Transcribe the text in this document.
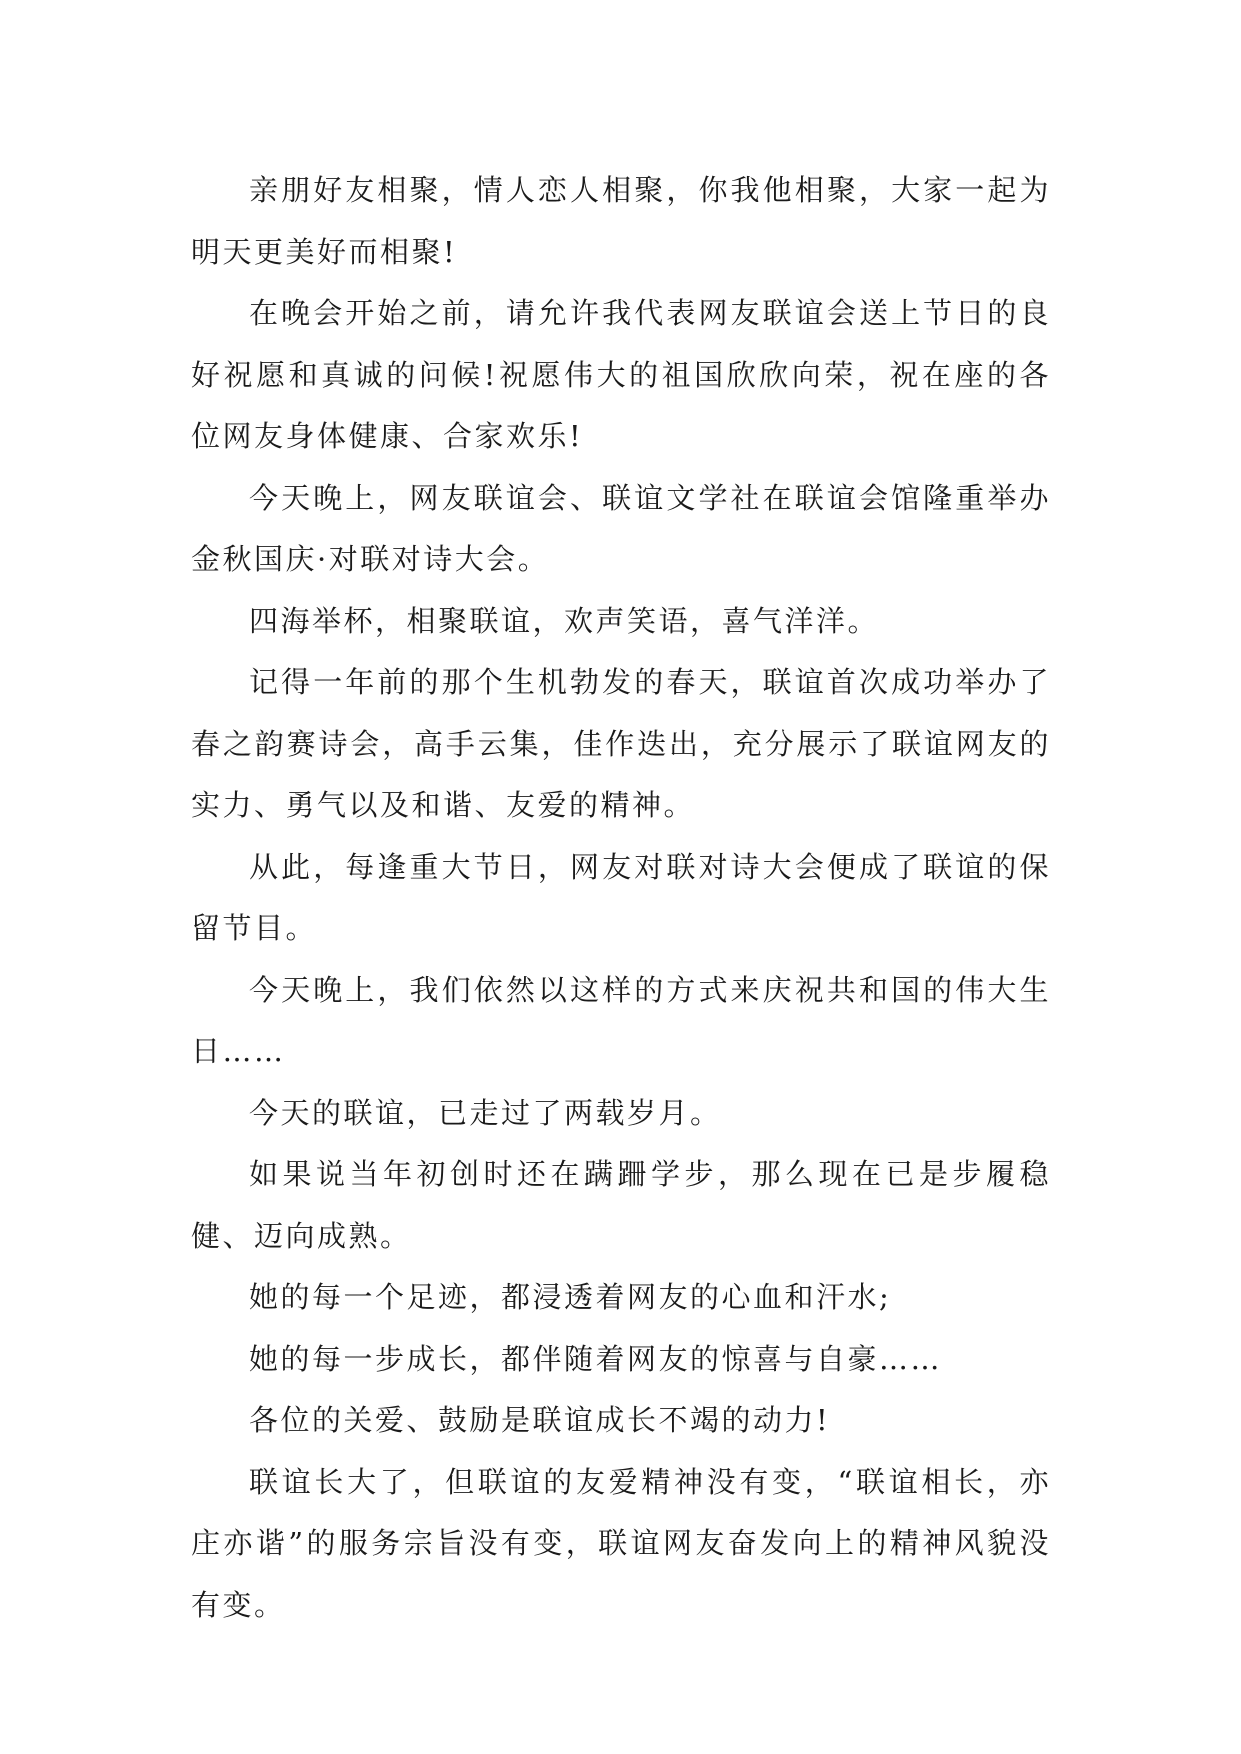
亲朋好友相聚，情人恋人相聚，你我他相聚，大家一起为明天更美好而相聚!

在晚会开始之前，请允许我代表网友联谊会送上节日的良好祝愿和真诚的问候!祝愿伟大的祖国欣欣向荣，祝在座的各位网友身体健康、合家欢乐!

今天晚上，网友联谊会、联谊文学社在联谊会馆隆重举办金秋国庆·对联对诗大会。

四海举杯，相聚联谊，欢声笑语，喜气洋洋。

记得一年前的那个生机勃发的春天，联谊首次成功举办了春之韵赛诗会，高手云集，佳作迭出，充分展示了联谊网友的实力、勇气以及和谐、友爱的精神。

从此，每逢重大节日，网友对联对诗大会便成了联谊的保留节目。

今天晚上，我们依然以这样的方式来庆祝共和国的伟大生日……

今天的联谊，已走过了两载岁月。

如果说当年初创时还在蹒跚学步，那么现在已是步履稳健、迈向成熟。

她的每一个足迹，都浸透着网友的心血和汗水;

她的每一步成长，都伴随着网友的惊喜与自豪……

各位的关爱、鼓励是联谊成长不竭的动力!

联谊长大了，但联谊的友爱精神没有变，“联谊相长，亦庄亦谐”的服务宗旨没有变，联谊网友奋发向上的精神风貌没有变。
